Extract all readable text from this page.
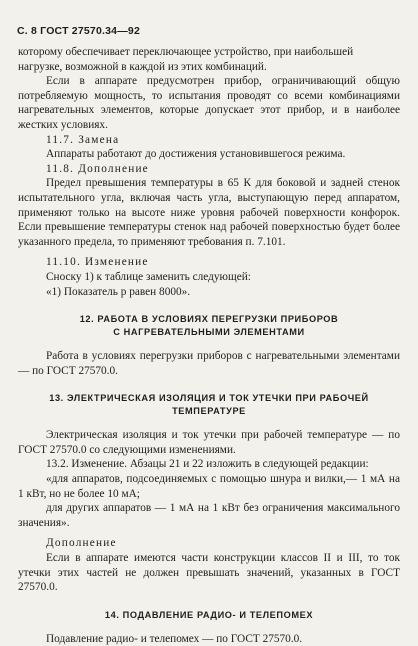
С. 8 ГОСТ 27570.34—92

которому обеспечивает переключающее устройство, при наибольшей

нагрузке, возможной в каждой из этих комбинаций.

Если в аппарате предусмотрен прибор, ограничивающий общую потребляемую мощность, то испытания проводят со всеми комбинациями нагревательных элементов, которые допускает этот прибор, и в наиболее жестких условиях.

11.7. Замена

Аппараты работают до достижения установившегося режима.

11.8. Дополнение

Предел превышения температуры в 65 К для боковой и задней стенок испытательного угла, включая часть угла, выступающую перед аппаратом, применяют только на высоте ниже уровня рабочей поверхности конфорок. Если превышение температуры стенок над рабочей поверхностью будет более указанного предела, то применяют требования п. 7.101.

11.10. Изменение

Сноску 1) к таблице заменить следующей:

«1) Показатель р равен 8000».

12. РАБОТА В УСЛОВИЯХ ПЕРЕГРУЗКИ ПРИБОРОВ

С НАГРЕВАТЕЛЬНЫМИ ЭЛЕМЕНТАМИ

Работа в условиях перегрузки приборов с нагревательными элементами — по ГОСТ 27570.0.

13. ЭЛЕКТРИЧЕСКАЯ ИЗОЛЯЦИЯ И ТОК УТЕЧКИ ПРИ РАБОЧЕЙ

ТЕМПЕРАТУРЕ

Электрическая изоляция и ток утечки при рабочей температуре — по ГОСТ 27570.0 со следующими изменениями.

13.2. Изменение. Абзацы 21 и 22 изложить в следующей редакции:

«для аппаратов, подсоединяемых с помощью шнура и вилки,— 1 мА на 1 кВт, но не более 10 мА;

для других аппаратов — 1 мА на 1 кВт без ограничения максимального значения».

Дополнение

Если в аппарате имеются части конструкции классов II и III, то ток утечки этих частей не должен превышать значений, указанных в ГОСТ 27570.0.

14. ПОДАВЛЕНИЕ РАДИО- И ТЕЛЕПОМЕХ

Подавление радио- и телепомех — по ГОСТ 27570.0.
